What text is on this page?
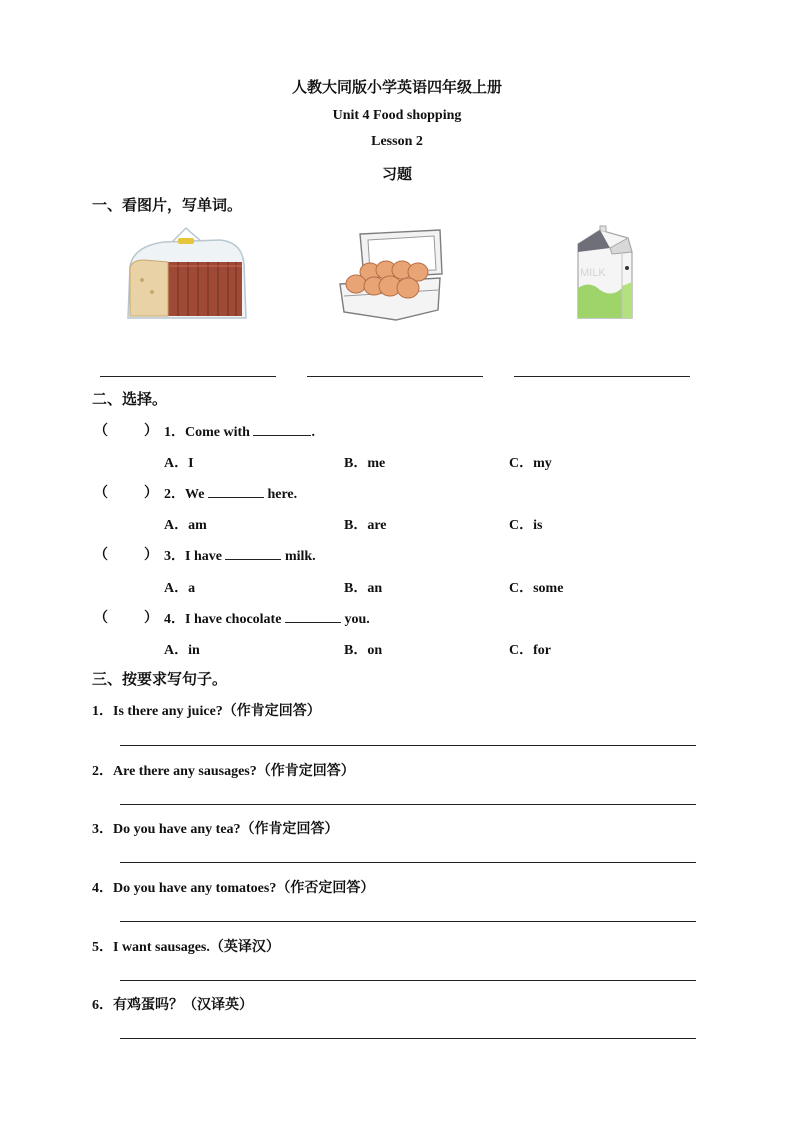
人教大同版小学英语四年级上册
Unit 4 Food shopping
Lesson 2
习题
一、看图片，写单词。
MILK
二、选择。
（	） 1．Come with	.
A．I	B．me	C．my
（	） 2．We	here.
A．am	B．are	C．is
（	） 3．I have	milk.
A．a	B．an	C．some
（	） 4．I have chocolate	you.
A．in	B．on	C．for
三、按要求写句子。
1．Is there any juice?（作肯定回答）
2．Are there any sausages?（作肯定回答）
3．Do you have any tea?（作肯定回答）
4．Do you have any tomatoes?（作否定回答）
5．I want sausages.（英译汉）
6．有鸡蛋吗？（汉译英）
